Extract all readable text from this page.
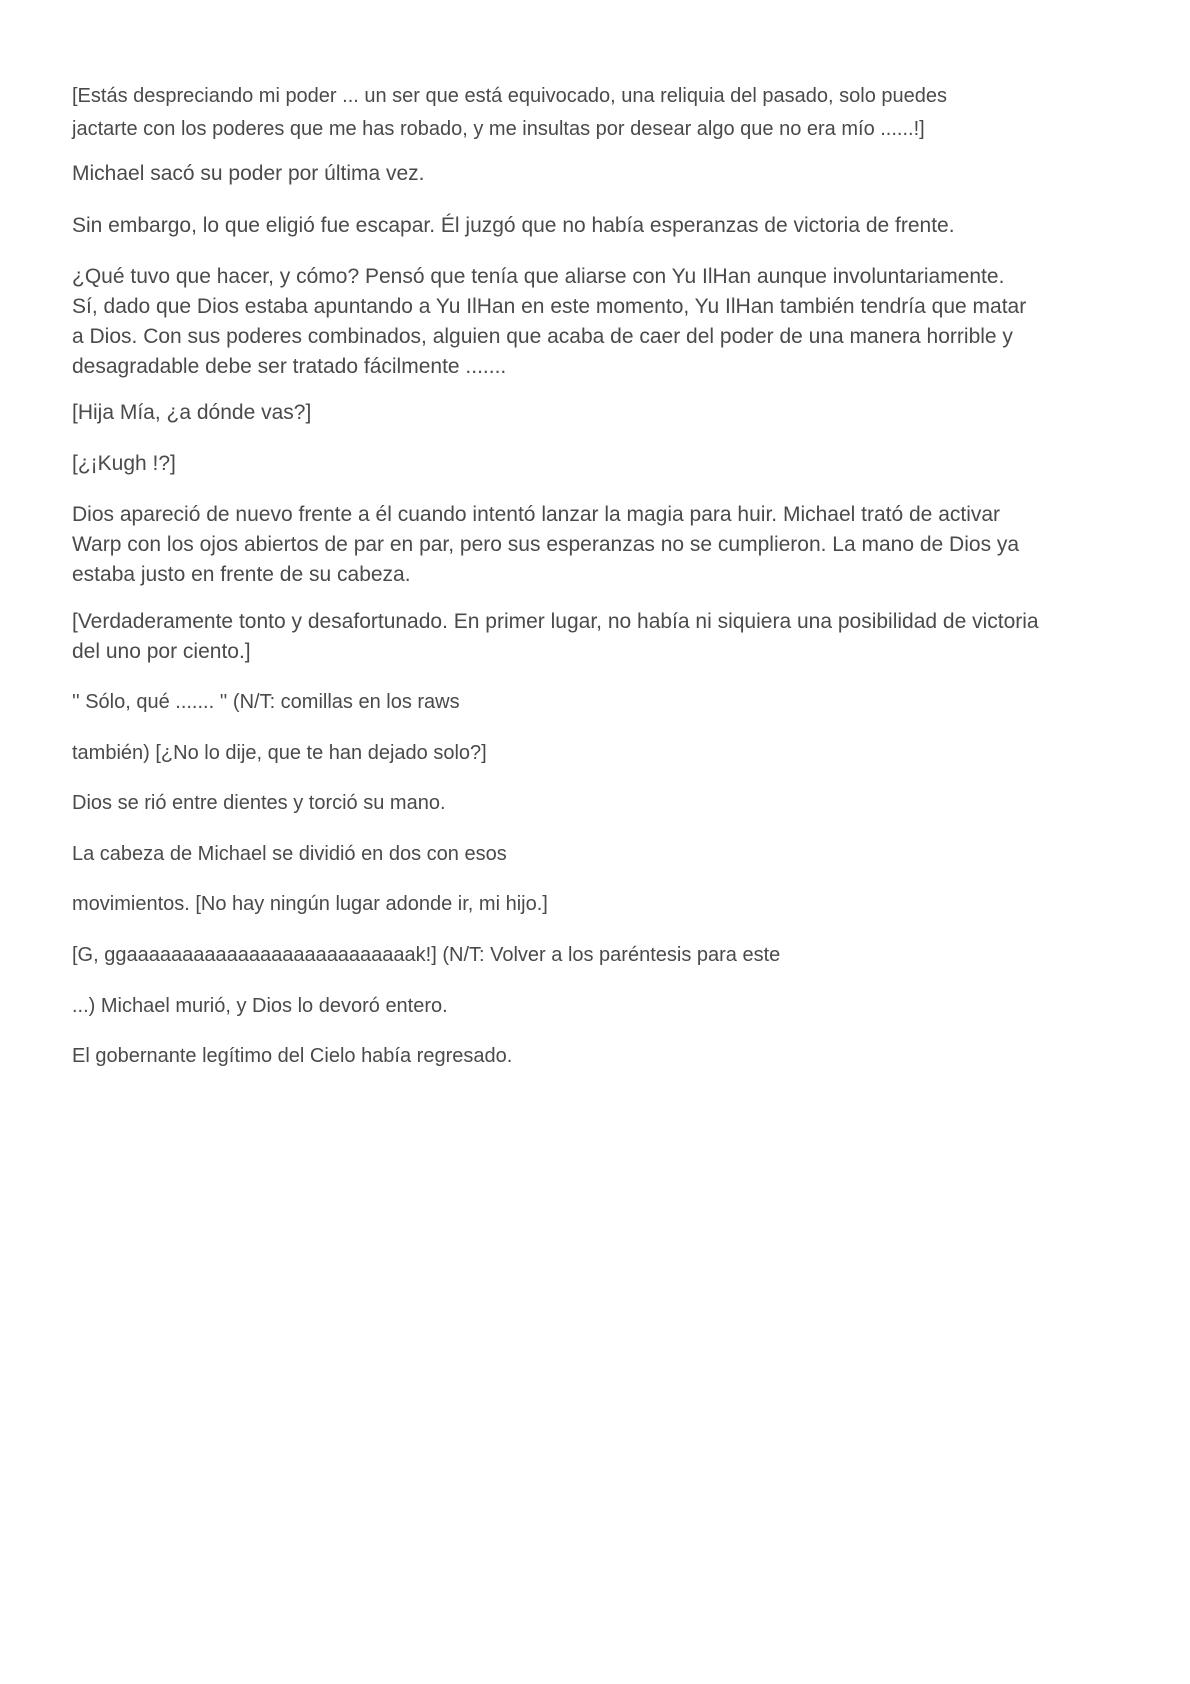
[Estás despreciando mi poder ... un ser que está equivocado, una reliquia del pasado, solo puedes
jactarte con los poderes que me has robado, y me insultas por desear algo que no era mío ......!]

Michael sacó su poder por última vez.

Sin embargo, lo que eligió fue escapar. Él juzgó que no había esperanzas de victoria de frente.

¿Qué tuvo que hacer, y cómo? Pensó que tenía que aliarse con Yu IlHan aunque involuntariamente.
Sí, dado que Dios estaba apuntando a Yu IlHan en este momento, Yu IlHan también tendría que matar
a Dios. Con sus poderes combinados, alguien que acaba de caer del poder de una manera horrible y
desagradable debe ser tratado fácilmente .......

[Hija Mía, ¿a dónde vas?]

[¿¡Kugh !?]

Dios apareció de nuevo frente a él cuando intentó lanzar la magia para huir. Michael trató de activar
Warp con los ojos abiertos de par en par, pero sus esperanzas no se cumplieron. La mano de Dios ya
estaba justo en frente de su cabeza.

[Verdaderamente tonto y desafortunado. En primer lugar, no había ni siquiera una posibilidad de victoria
del uno por ciento.]

'' Sólo, qué ....... '' (N/T: comillas en los raws

también) [¿No lo dije, que te han dejado solo?]

Dios se rió entre dientes y torció su mano.

La cabeza de Michael se dividió en dos con esos

movimientos. [No hay ningún lugar adonde ir, mi hijo.]

[G, ggaaaaaaaaaaaaaaaaaaaaaaaaaak!] (N/T: Volver a los paréntesis para este

...) Michael murió, y Dios lo devoró entero.

El gobernante legítimo del Cielo había regresado.
